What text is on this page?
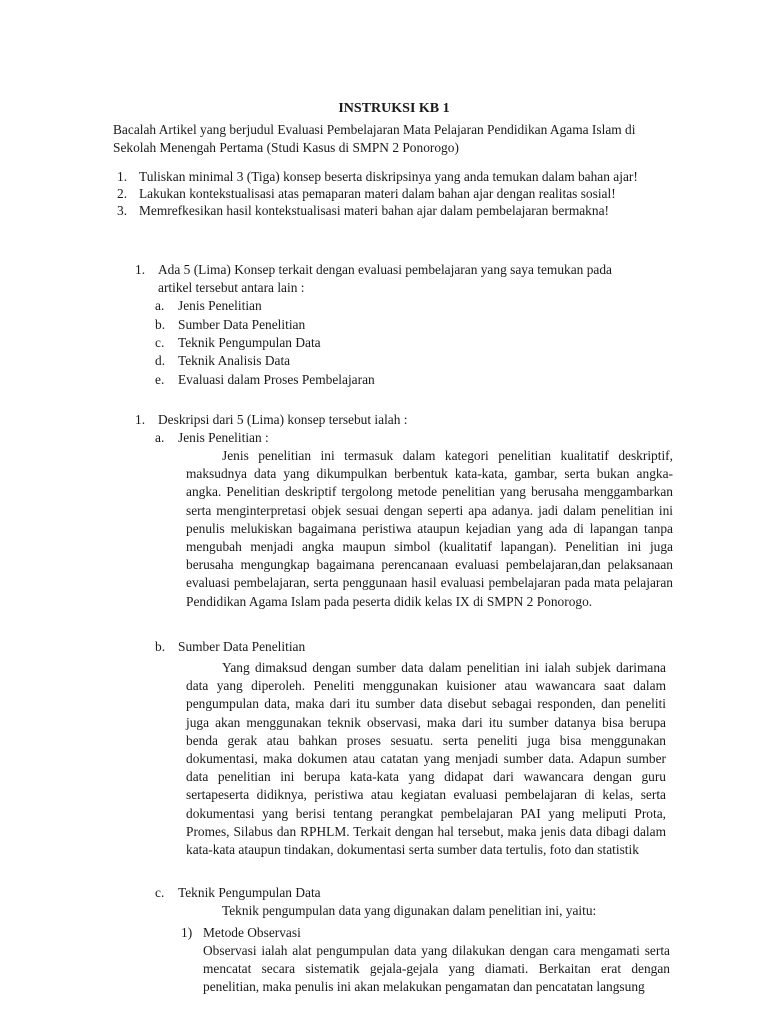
INSTRUKSI KB 1
Bacalah Artikel yang berjudul Evaluasi Pembelajaran Mata Pelajaran Pendidikan Agama Islam di Sekolah Menengah Pertama (Studi Kasus di SMPN 2 Ponorogo)
1. Tuliskan minimal 3 (Tiga) konsep beserta diskripsinya yang anda temukan dalam bahan ajar!
2. Lakukan kontekstualisasi atas pemaparan materi dalam bahan ajar dengan realitas sosial!
3. Memrefkesikan hasil kontekstualisasi materi bahan ajar dalam pembelajaran bermakna!
1. Ada 5 (Lima) Konsep terkait dengan evaluasi pembelajaran yang saya temukan pada
artikel tersebut antara lain :
a. Jenis Penelitian
b. Sumber Data Penelitian
c. Teknik Pengumpulan Data
d. Teknik Analisis Data
e. Evaluasi dalam Proses Pembelajaran
1. Deskripsi dari 5 (Lima) konsep tersebut ialah :
a. Jenis Penelitian :
Jenis penelitian ini termasuk dalam kategori penelitian kualitatif deskriptif, maksudnya data yang dikumpulkan berbentuk kata-kata, gambar, serta bukan angka-angka. Penelitian deskriptif tergolong metode penelitian yang berusaha menggambarkan serta menginterpretasi objek sesuai dengan seperti apa adanya. jadi dalam penelitian ini penulis melukiskan bagaimana peristiwa ataupun kejadian yang ada di lapangan tanpa mengubah menjadi angka maupun simbol (kualitatif lapangan). Penelitian ini juga berusaha mengungkap bagaimana perencanaan evaluasi pembelajaran,dan pelaksanaan evaluasi pembelajaran, serta penggunaan hasil evaluasi pembelajaran pada mata pelajaran Pendidikan Agama Islam pada peserta didik kelas IX di SMPN 2 Ponorogo.
b. Sumber Data Penelitian
Yang dimaksud dengan sumber data dalam penelitian ini ialah subjek darimana data yang diperoleh. Peneliti menggunakan kuisioner atau wawancara saat dalam pengumpulan data, maka dari itu sumber data disebut sebagai responden, dan peneliti juga akan menggunakan teknik observasi, maka dari itu sumber datanya bisa berupa benda gerak atau bahkan proses sesuatu. serta peneliti juga bisa menggunakan dokumentasi, maka dokumen atau catatan yang menjadi sumber data. Adapun sumber data penelitian ini berupa kata-kata yang didapat dari wawancara dengan guru sertapeserta didiknya, peristiwa atau kegiatan evaluasi pembelajaran di kelas, serta dokumentasi yang berisi tentang perangkat pembelajaran PAI yang meliputi Prota, Promes, Silabus dan RPHLM. Terkait dengan hal tersebut, maka jenis data dibagi dalam kata-kata ataupun tindakan, dokumentasi serta sumber data tertulis, foto dan statistik
c. Teknik Pengumpulan Data
Teknik pengumpulan data yang digunakan dalam penelitian ini, yaitu:
1) Metode Observasi
Observasi ialah alat pengumpulan data yang dilakukan dengan cara mengamati serta mencatat secara sistematik gejala-gejala yang diamati. Berkaitan erat dengan penelitian, maka penulis ini akan melakukan pengamatan dan pencatatan langsung
